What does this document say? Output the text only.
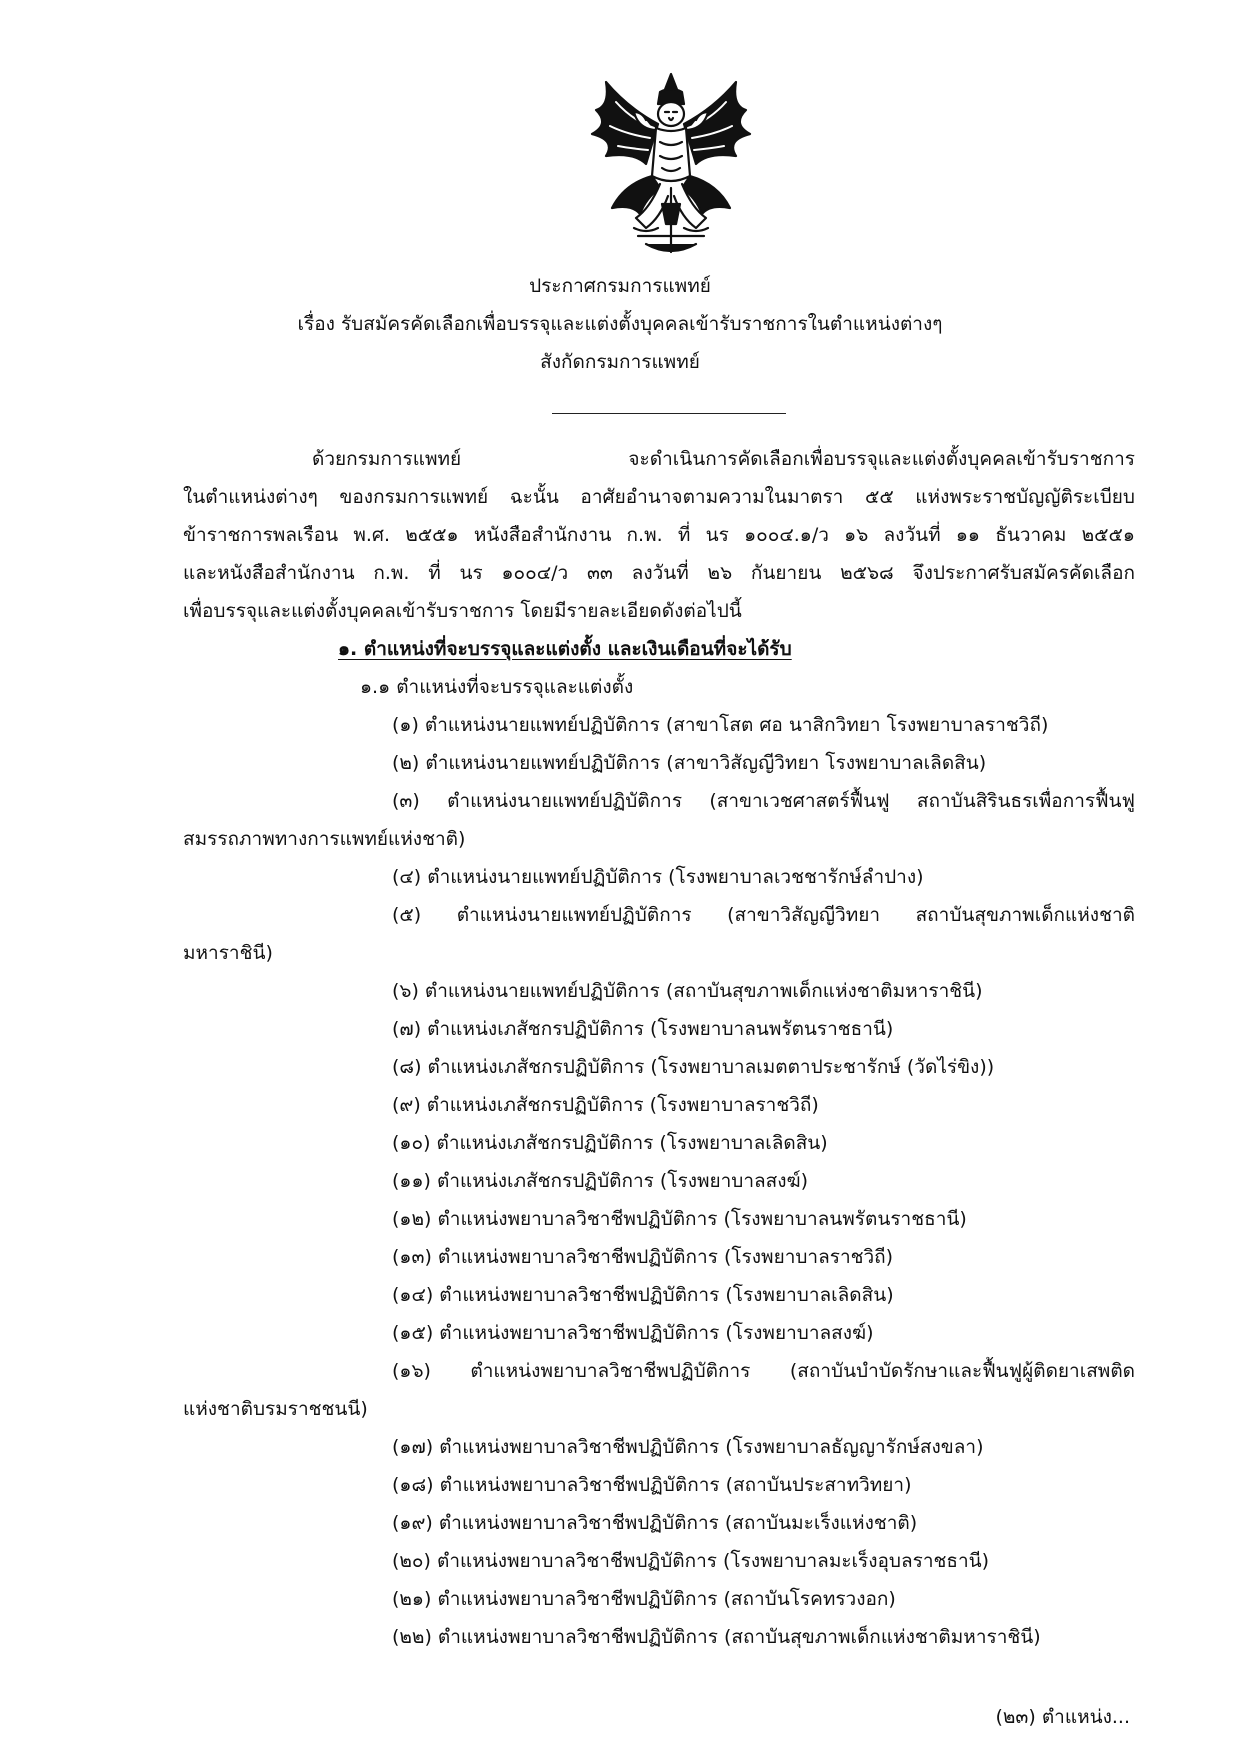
ประกาศกรมการแพทย์
เรื่อง รับสมัครคัดเลือกเพื่อบรรจุและแต่งตั้งบุคคลเข้ารับราชการในตำแหน่งต่างๆ
สังกัดกรมการแพทย์
ด้วยกรมการแพทย์ จะดำเนินการคัดเลือกเพื่อบรรจุและแต่งตั้งบุคคลเข้ารับราชการ
ในตำแหน่งต่างๆ ของกรมการแพทย์ ฉะนั้น อาศัยอำนาจตามความในมาตรา ๕๕ แห่งพระราชบัญญัติระเบียบ
ข้าราชการพลเรือน พ.ศ. ๒๕๕๑ หนังสือสำนักงาน ก.พ. ที่ นร ๑๐๐๔.๑/ว ๑๖ ลงวันที่ ๑๑ ธันวาคม ๒๕๕๑
และหนังสือสำนักงาน ก.พ. ที่ นร ๑๐๐๔/ว ๓๓ ลงวันที่ ๒๖ กันยายน ๒๕๖๘ จึงประกาศรับสมัครคัดเลือก
เพื่อบรรจุและแต่งตั้งบุคคลเข้ารับราชการ โดยมีรายละเอียดดังต่อไปนี้
๑. ตำแหน่งที่จะบรรจุและแต่งตั้ง และเงินเดือนที่จะได้รับ
๑.๑ ตำแหน่งที่จะบรรจุและแต่งตั้ง
(๑) ตำแหน่งนายแพทย์ปฏิบัติการ (สาขาโสต ศอ นาสิกวิทยา โรงพยาบาลราชวิถี)
(๒) ตำแหน่งนายแพทย์ปฏิบัติการ (สาขาวิสัญญีวิทยา โรงพยาบาลเลิดสิน)
(๓) ตำแหน่งนายแพทย์ปฏิบัติการ (สาขาเวชศาสตร์ฟื้นฟู สถาบันสิรินธรเพื่อการฟื้นฟู
สมรรถภาพทางการแพทย์แห่งชาติ)
(๔) ตำแหน่งนายแพทย์ปฏิบัติการ (โรงพยาบาลเวชชารักษ์ลำปาง)
(๕) ตำแหน่งนายแพทย์ปฏิบัติการ (สาขาวิสัญญีวิทยา สถาบันสุขภาพเด็กแห่งชาติ
มหาราชินี)
(๖) ตำแหน่งนายแพทย์ปฏิบัติการ (สถาบันสุขภาพเด็กแห่งชาติมหาราชินี)
(๗) ตำแหน่งเภสัชกรปฏิบัติการ (โรงพยาบาลนพรัตนราชธานี)
(๘) ตำแหน่งเภสัชกรปฏิบัติการ (โรงพยาบาลเมตตาประชารักษ์ (วัดไร่ขิง))
(๙) ตำแหน่งเภสัชกรปฏิบัติการ (โรงพยาบาลราชวิถี)
(๑๐) ตำแหน่งเภสัชกรปฏิบัติการ (โรงพยาบาลเลิดสิน)
(๑๑) ตำแหน่งเภสัชกรปฏิบัติการ (โรงพยาบาลสงฆ์)
(๑๒) ตำแหน่งพยาบาลวิชาชีพปฏิบัติการ (โรงพยาบาลนพรัตนราชธานี)
(๑๓) ตำแหน่งพยาบาลวิชาชีพปฏิบัติการ (โรงพยาบาลราชวิถี)
(๑๔) ตำแหน่งพยาบาลวิชาชีพปฏิบัติการ (โรงพยาบาลเลิดสิน)
(๑๕) ตำแหน่งพยาบาลวิชาชีพปฏิบัติการ (โรงพยาบาลสงฆ์)
(๑๖) ตำแหน่งพยาบาลวิชาชีพปฏิบัติการ (สถาบันบำบัดรักษาและฟื้นฟูผู้ติดยาเสพติด
แห่งชาติบรมราชชนนี)
(๑๗) ตำแหน่งพยาบาลวิชาชีพปฏิบัติการ (โรงพยาบาลธัญญารักษ์สงขลา)
(๑๘) ตำแหน่งพยาบาลวิชาชีพปฏิบัติการ (สถาบันประสาทวิทยา)
(๑๙) ตำแหน่งพยาบาลวิชาชีพปฏิบัติการ (สถาบันมะเร็งแห่งชาติ)
(๒๐) ตำแหน่งพยาบาลวิชาชีพปฏิบัติการ (โรงพยาบาลมะเร็งอุบลราชธานี)
(๒๑) ตำแหน่งพยาบาลวิชาชีพปฏิบัติการ (สถาบันโรคทรวงอก)
(๒๒) ตำแหน่งพยาบาลวิชาชีพปฏิบัติการ (สถาบันสุขภาพเด็กแห่งชาติมหาราชินี)
(๒๓) ตำแหน่ง...
